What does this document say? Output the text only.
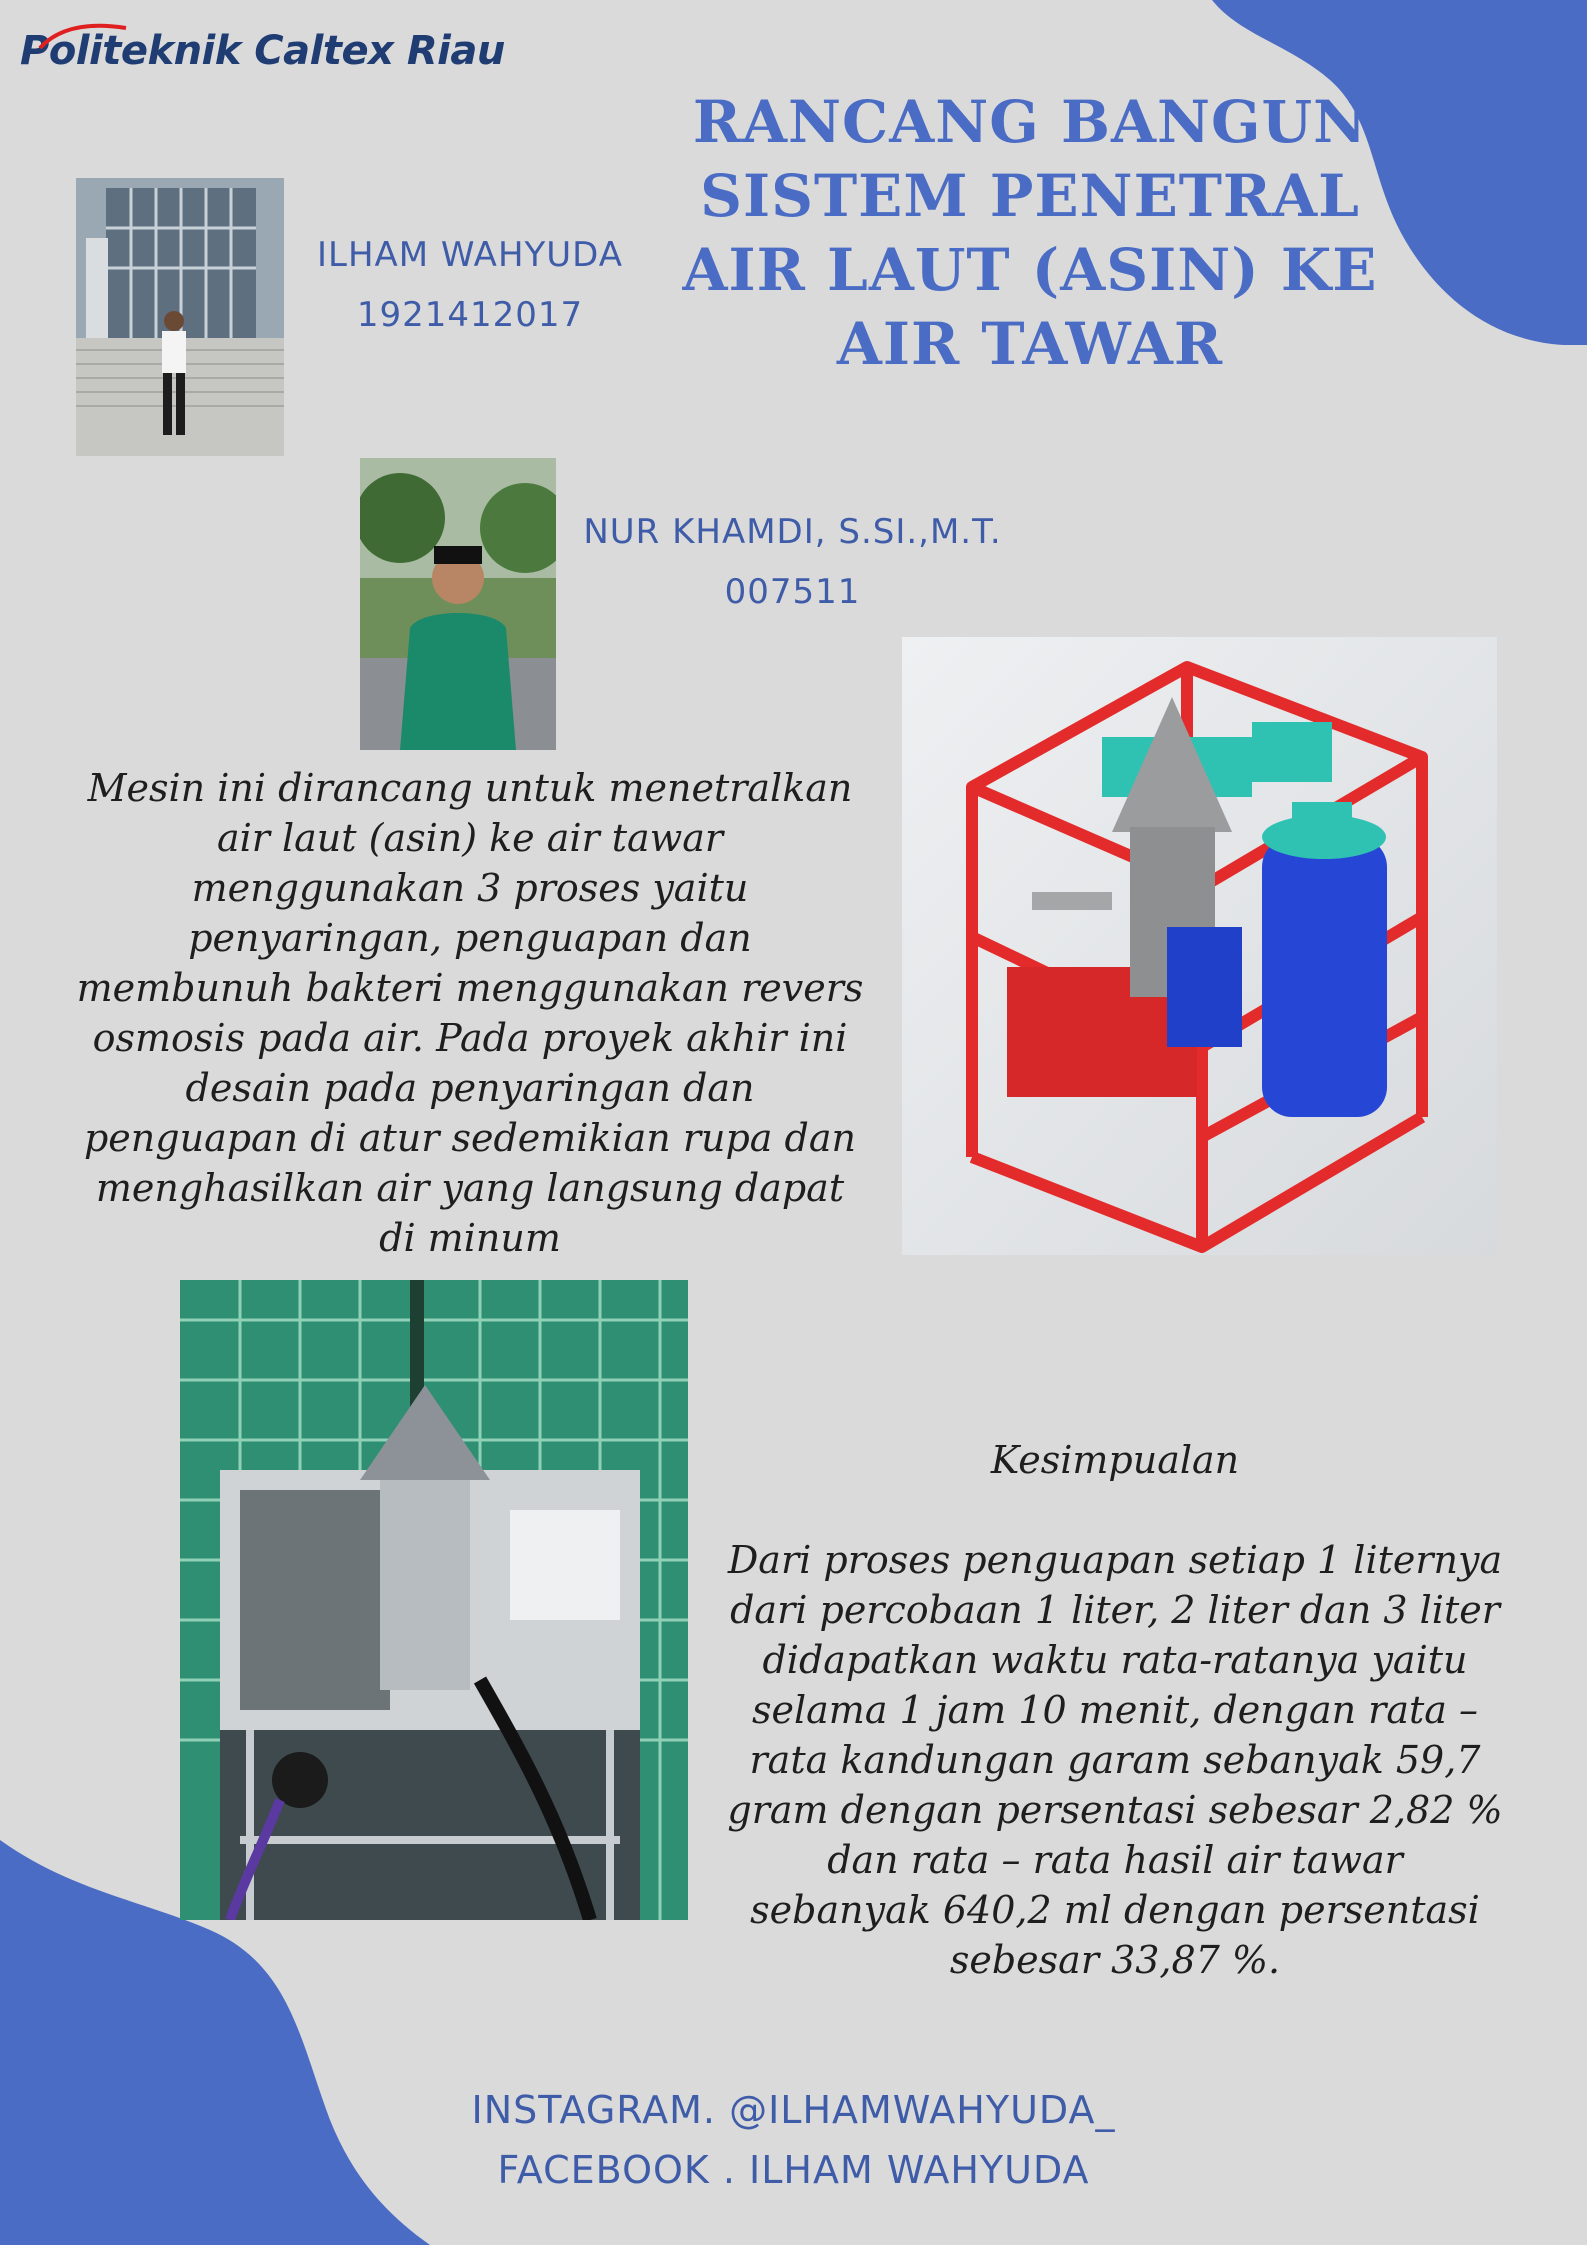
Politeknik Caltex Riau
RANCANG BANGUN SISTEM PENETRAL AIR LAUT (ASIN) KE AIR TAWAR
ILHAM WAHYUDA
1921412017
NUR KHAMDI, S.SI.,M.T.
007511
Mesin ini dirancang untuk menetralkan
air laut (asin) ke air tawar
menggunakan 3 proses yaitu
penyaringan, penguapan dan
membunuh bakteri menggunakan revers
osmosis pada air. Pada proyek akhir ini
desain pada penyaringan dan
penguapan di atur sedemikian rupa dan
menghasilkan air yang langsung dapat
di minum

Kesimpualan

Dari proses penguapan setiap 1 liternya
dari percobaan 1 liter, 2 liter dan 3 liter
didapatkan waktu rata-ratanya yaitu
selama 1 jam 10 menit, dengan rata –
rata kandungan garam sebanyak 59,7
gram dengan persentasi sebesar 2,82 %
dan rata – rata hasil air tawar
sebanyak 640,2 ml dengan persentasi
sebesar 33,87 %.

INSTAGRAM. @ILHAMWAHYUDA_
FACEBOOK . ILHAM WAHYUDA
